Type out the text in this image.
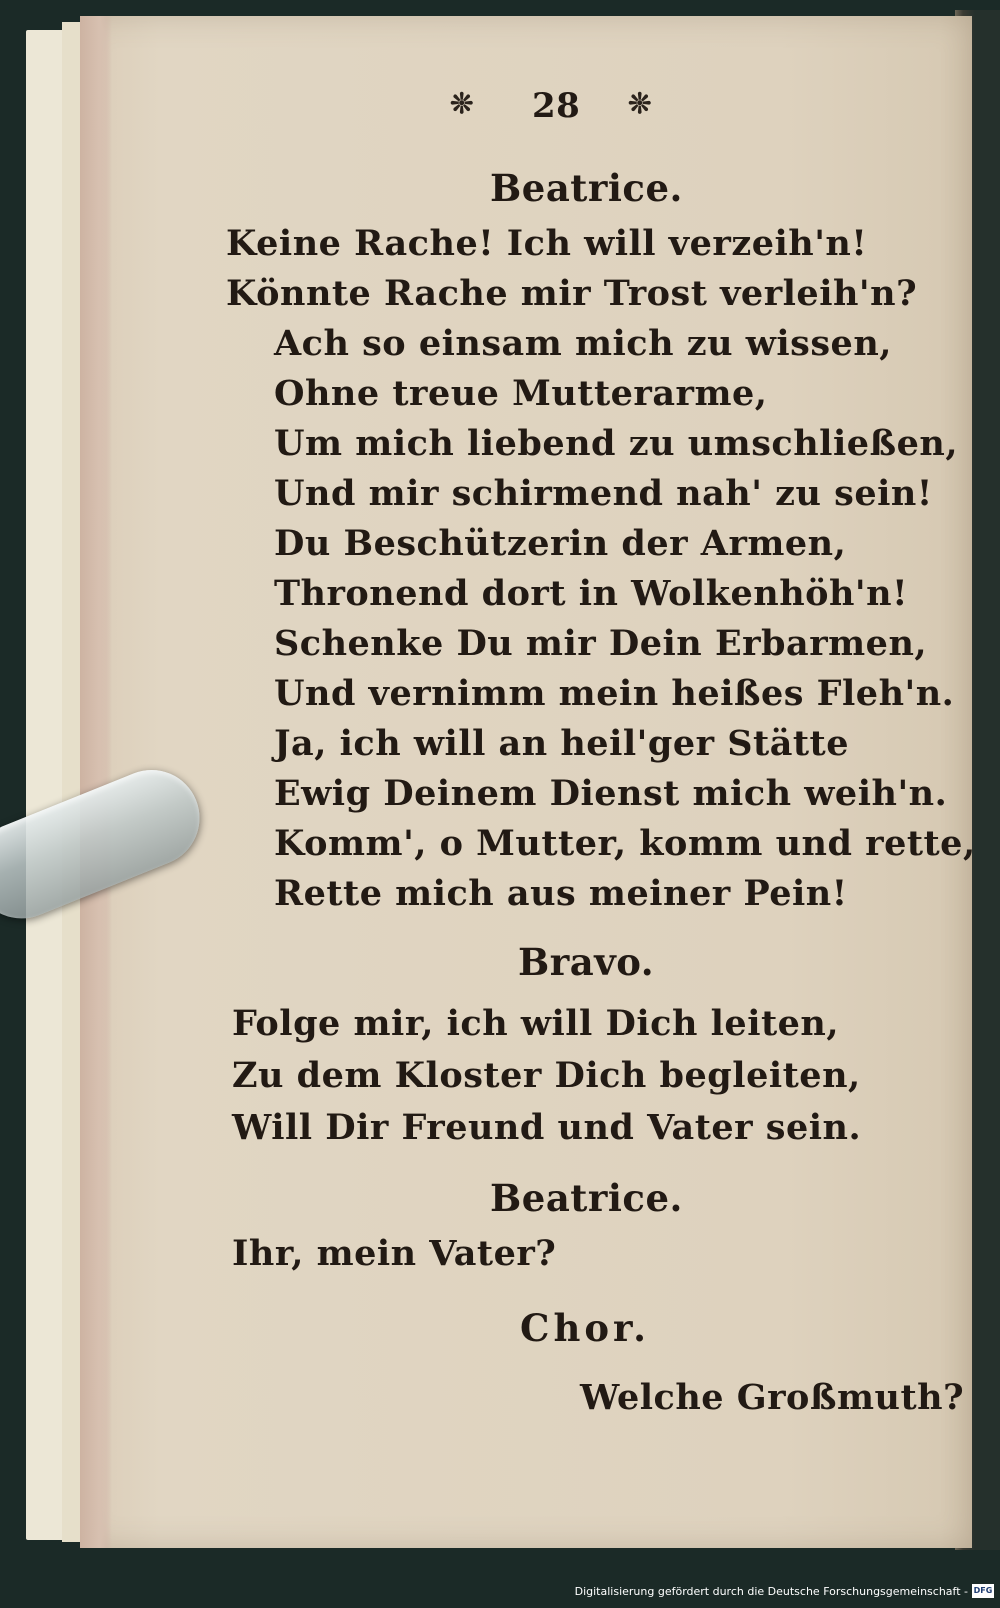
❊ 28 ❊
Beatrice.
Keine Rache! Ich will verzeih'n!
Könnte Rache mir Trost verleih'n?
Ach so einsam mich zu wissen,
Ohne treue Mutterarme,
Um mich liebend zu umschließen,
Und mir schirmend nah' zu sein!
Du Beschützerin der Armen,
Thronend dort in Wolkenhöh'n!
Schenke Du mir Dein Erbarmen,
Und vernimm mein heißes Fleh'n.
Ja, ich will an heil'ger Stätte
Ewig Deinem Dienst mich weih'n.
Komm', o Mutter, komm und rette,
Rette mich aus meiner Pein!
Bravo.
Folge mir, ich will Dich leiten,
Zu dem Kloster Dich begleiten,
Will Dir Freund und Vater sein.
Beatrice.
Ihr, mein Vater?
Chor.
Welche Großmuth?
Digitalisierung gefördert durch die Deutsche Forschungsgemeinschaft - DFG
